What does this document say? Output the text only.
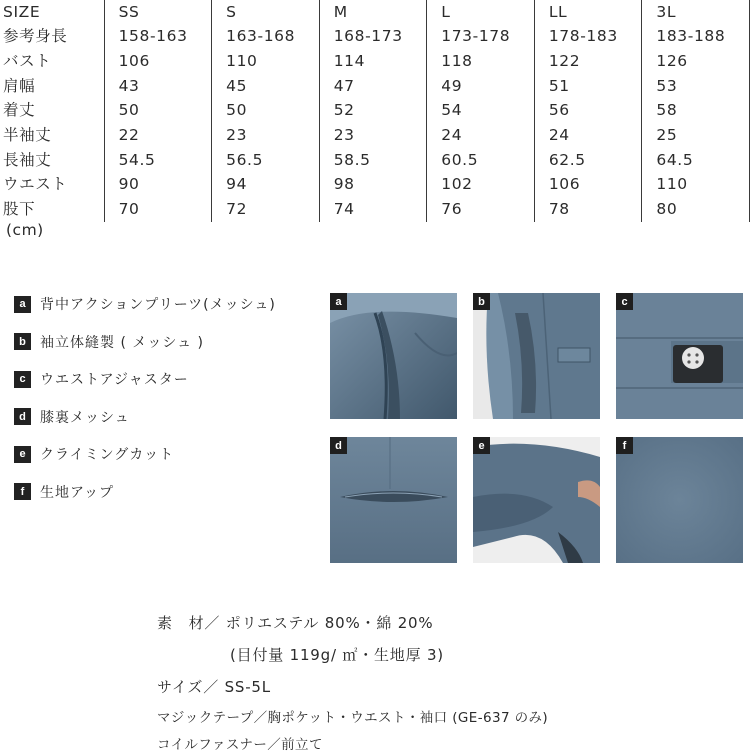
SIZE	SS	S	M	L	LL	3L
参考身長	158-163	163-168	168-173	173-178	178-183	183-188
バスト	106	110	114	118	122	126
肩幅	43	45	47	49	51	53
着丈	50	50	52	54	56	58
半袖丈	22	23	23	24	24	25
長袖丈	54.5	56.5	58.5	60.5	62.5	64.5
ウエスト	90	94	98	102	106	110
股下	70	72	74	76	78	80
(cm)
a	背中アクションプリーツ(メッシュ)
b	袖立体縫製 ( メッシュ )
c	ウエストアジャスター
d	膝裏メッシュ
e	クライミングカット
f	生地アップ
a	b	c
d	e	f
素　材／ ポリエステル 80%・綿 20%
(目付量 119g/ ㎡・生地厚 3)
サイズ／ SS-5L
マジックテープ／胸ポケット・ウエスト・袖口 (GE-637 のみ)
コイルファスナー／前立て
